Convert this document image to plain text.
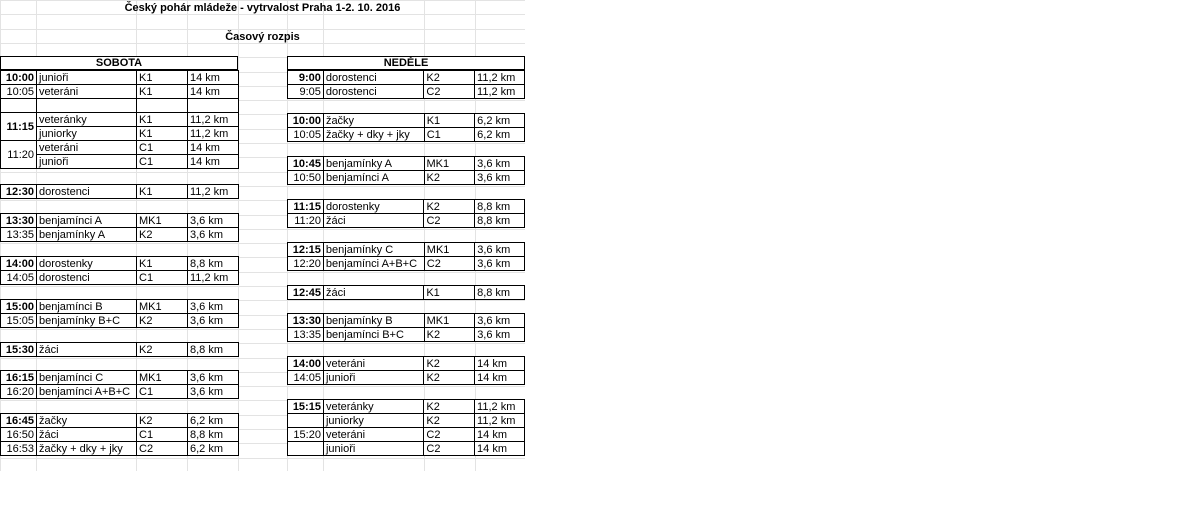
Český pohár mládeže - vytrvalost Praha 1-2. 10. 2016
Časový rozpis
SOBOTA	NEDĚLE
10:00	junioři	K1	14 km
10:05	veteráni	K1	14 km

11:15	veteránky	K1	11,2 km
	juniorky	K1	11,2 km
11:20	veteráni	C1	14 km
	junioři	C1	14 km
12:30	dorostenci	K1	11,2 km
13:30	benjamínci A	MK1	3,6 km
13:35	benjamínky A	K2	3,6 km
14:00	dorostenky	K1	8,8 km
14:05	dorostenci	C1	11,2 km
15:00	benjamínci B	MK1	3,6 km
15:05	benjamínky B+C	K2	3,6 km
15:30	žáci	K2	8,8 km
16:15	benjamínci C	MK1	3,6 km
16:20	benjamínci A+B+C	C1	3,6 km
16:45	žačky	K2	6,2 km
16:50	žáci	C1	8,8 km
16:53	žačky + dky + jky	C2	6,2 km
9:00	dorostenci	K2	11,2 km
9:05	dorostenci	C2	11,2 km
10:00	žačky	K1	6,2 km
10:05	žačky + dky + jky	C1	6,2 km
10:45	benjamínky A	MK1	3,6 km
10:50	benjamínci A	K2	3,6 km
11:15	dorostenky	K2	8,8 km
11:20	žáci	C2	8,8 km
12:15	benjamínky C	MK1	3,6 km
12:20	benjamínci A+B+C	C2	3,6 km
12:45	žáci	K1	8,8 km
13:30	benjamínky B	MK1	3,6 km
13:35	benjamínci B+C	K2	3,6 km
14:00	veteráni	K2	14 km
14:05	junioři	K2	14 km
15:15	veteránky	K2	11,2 km
	juniorky	K2	11,2 km
15:20	veteráni	C2	14 km
	junioři	C2	14 km
